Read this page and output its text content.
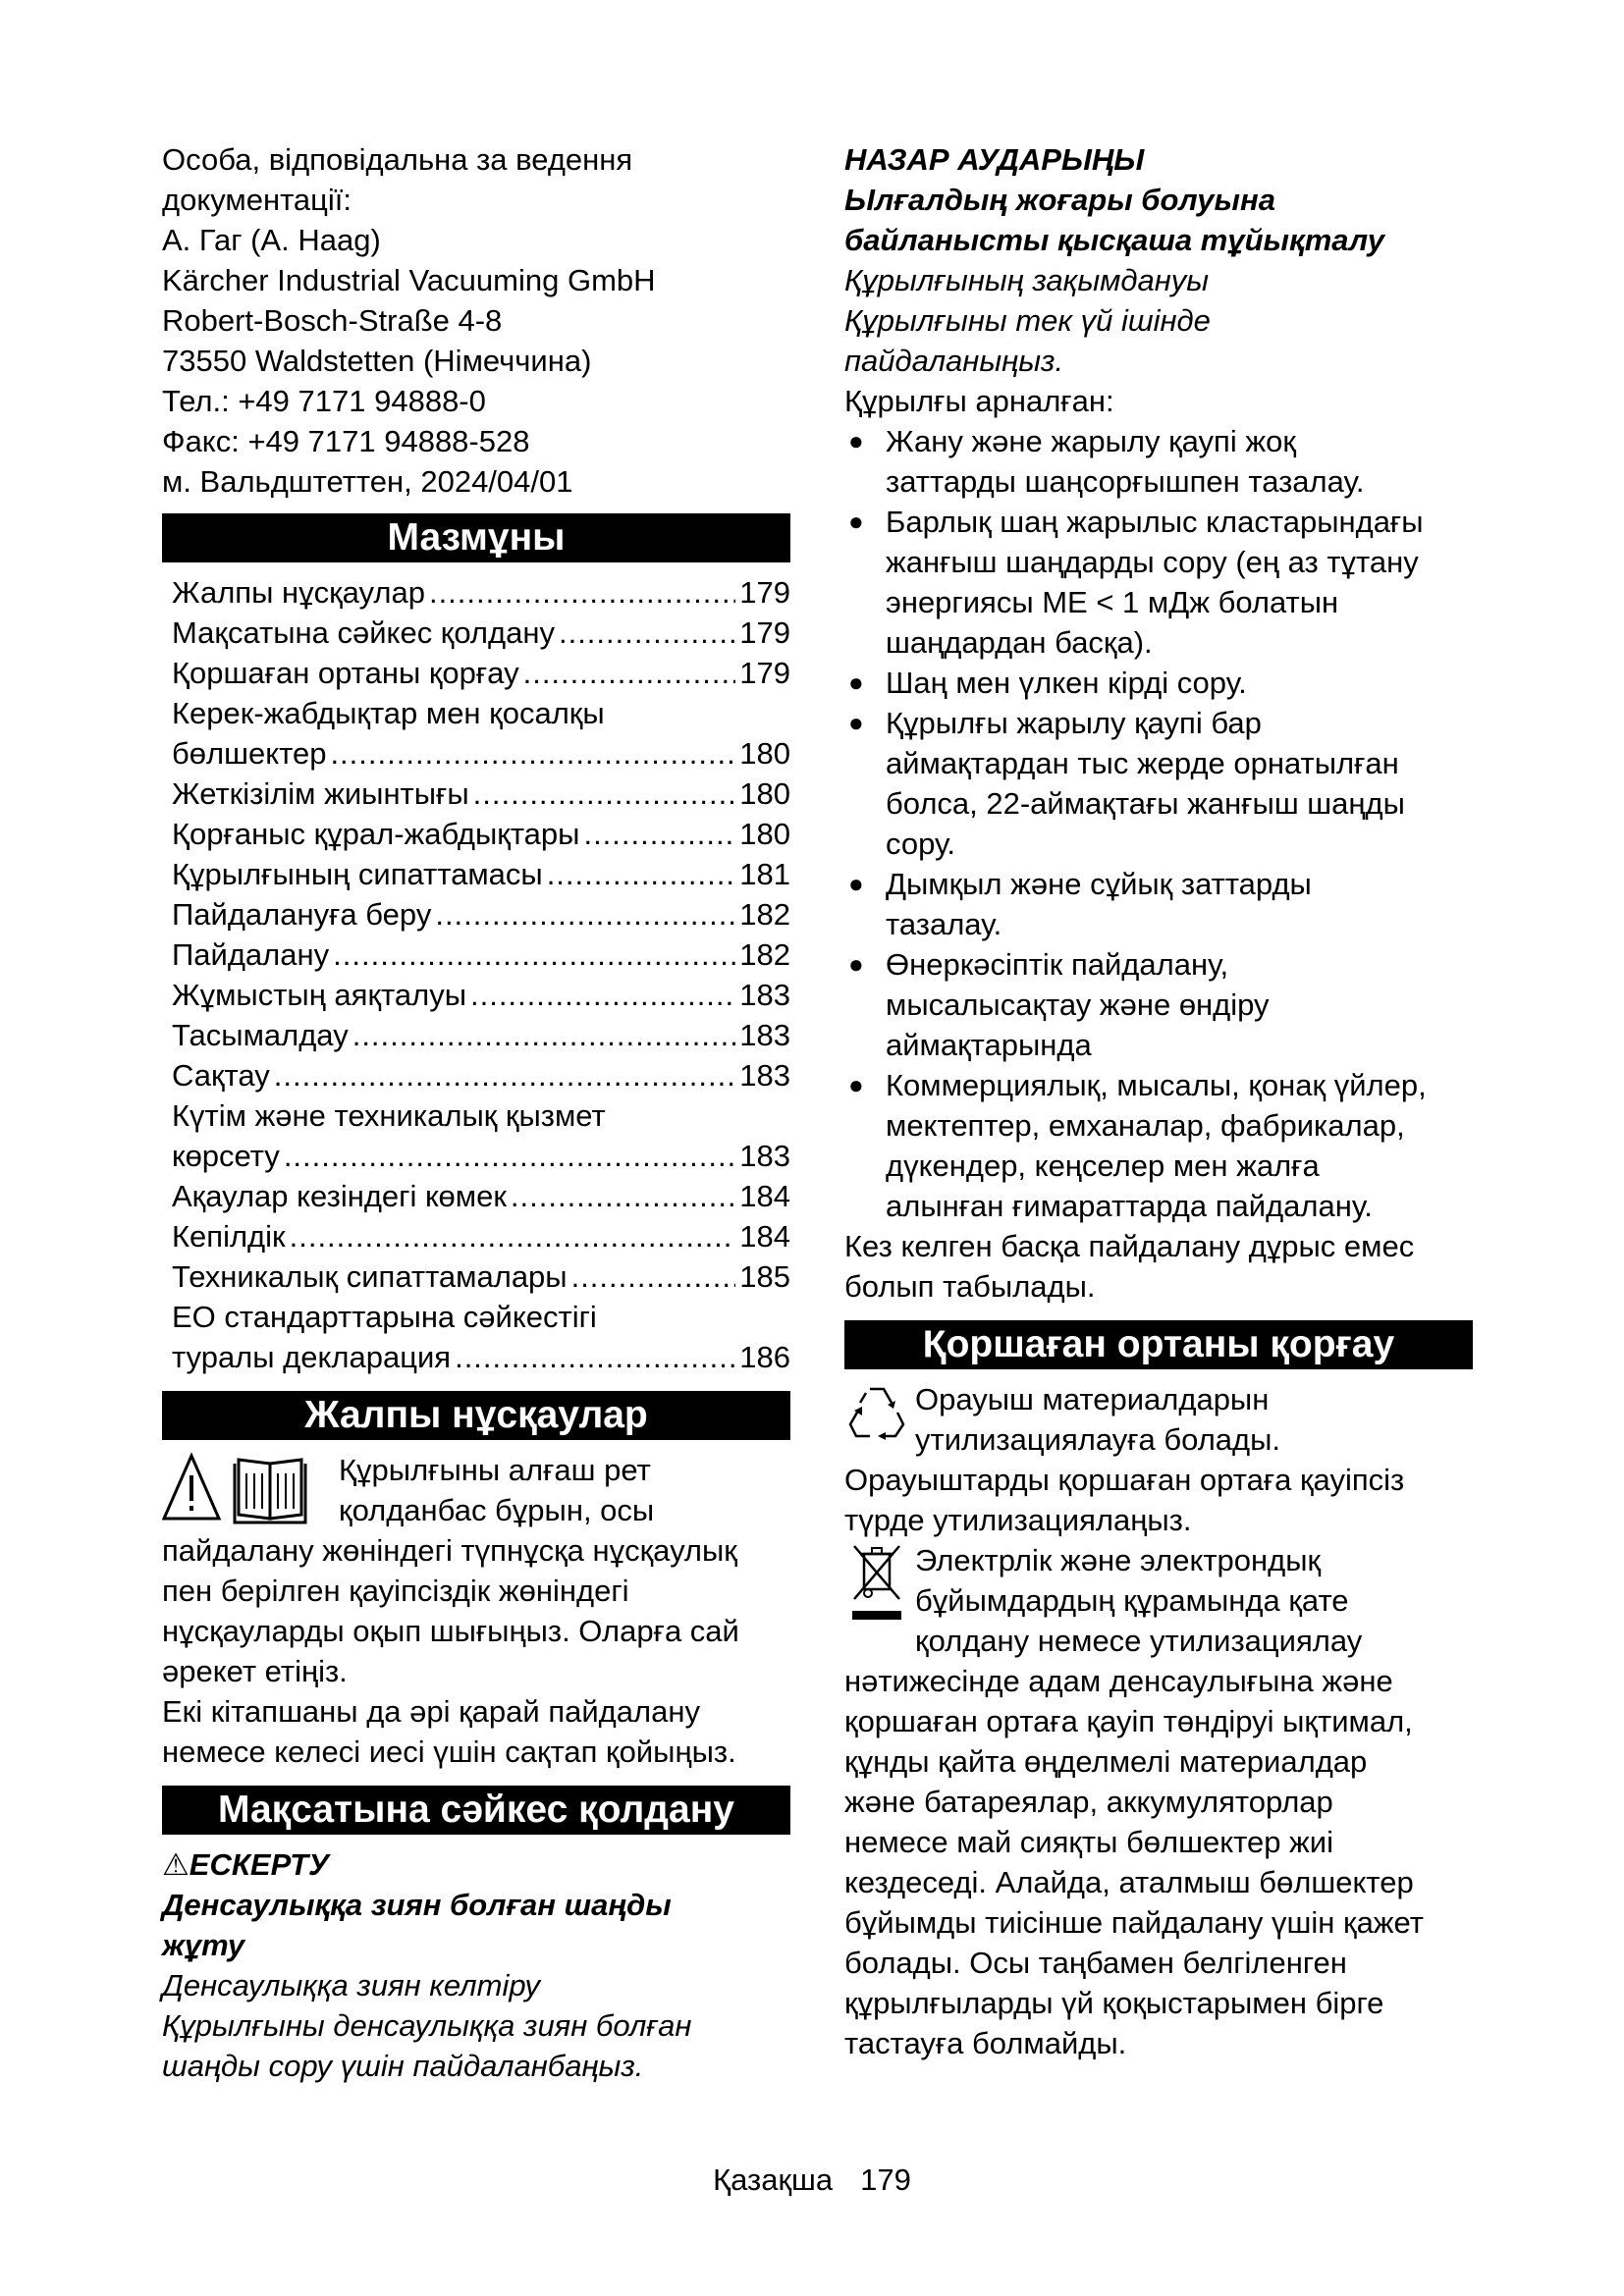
Особа, відповідальна за ведення
документації:
А. Гаг (А. Haag)
Kärcher Industrial Vacuuming GmbH
Robert-Bosch-Straße 4-8
73550 Waldstetten (Німеччина)
Тел.: +49 7171 94888-0
Факс: +49 7171 94888-528
м. Вальдштеттен, 2024/04/01
Мазмұны
Жалпы нұсқаулар .....	179
Мақсатына сәйкес қолдану .....	179
Қоршаған ортаны қорғау .....	179
Керек-жабдықтар мен қосалқы
бөлшектер .....	180
Жеткізілім жиынтығы .....	180
Қорғаныс құрал-жабдықтары .....	180
Құрылғының сипаттамасы .....	181
Пайдалануға беру .....	182
Пайдалану .....	182
Жұмыстың аяқталуы .....	183
Тасымалдау .....	183
Сақтау .....	183
Күтім және техникалық қызмет
көрсету .....	183
Ақаулар кезіндегі көмек .....	184
Кепілдік .....	184
Техникалық сипаттамалары .....	185
ЕО стандарттарына сәйкестігі
туралы декларация .....	186
Жалпы нұсқаулар
Құрылғыны алғаш рет
қолданбас бұрын, осы
пайдалану жөніндегі түпнұсқа нұсқаулық
пен берілген қауіпсіздік жөніндегі
нұсқауларды оқып шығыңыз. Оларға сай
әрекет етіңіз.
Екі кітапшаны да әрі қарай пайдалану
немесе келесі иесі үшін сақтап қойыңыз.
Мақсатына сәйкес қолдану
⚠ЕСКЕРТУ
Денсаулыққа зиян болған шаңды
жұту
Денсаулыққа зиян келтіру
Құрылғыны денсаулыққа зиян болған
шаңды сору үшін пайдаланбаңыз.
НАЗАР АУДАРЫҢЫ
Ылғалдың жоғары болуына
байланысты қысқаша тұйықталу
Құрылғының зақымдануы
Құрылғыны тек үй ішінде
пайдаланыңыз.
Құрылғы арналған:
● Жану және жарылу қаупі жоқ
заттарды шаңсорғышпен тазалау.
● Барлық шаң жарылыс кластарындағы
жанғыш шаңдарды сору (ең аз тұтану
энергиясы МЕ < 1 мДж болатын
шаңдардан басқа).
● Шаң мен үлкен кірді сору.
● Құрылғы жарылу қаупі бар
аймақтардан тыс жерде орнатылған
болса, 22-аймақтағы жанғыш шаңды
сору.
● Дымқыл және сұйық заттарды
тазалау.
● Өнеркәсіптік пайдалану,
мысалысақтау және өндіру
аймақтарында
● Коммерциялық, мысалы, қонақ үйлер,
мектептер, емханалар, фабрикалар,
дүкендер, кеңселер мен жалға
алынған ғимараттарда пайдалану.
Кез келген басқа пайдалану дұрыс емес
болып табылады.
Қоршаған ортаны қорғау
Орауыш материалдарын
утилизациялауға болады.
Орауыштарды қоршаған ортаға қауіпсіз
түрде утилизациялаңыз.
Электрлік және электрондық
бұйымдардың құрамында қате
қолдану немесе утилизациялау
нәтижесінде адам денсаулығына және
қоршаған ортаға қауіп төндіруі ықтимал,
құнды қайта өңделмелі материалдар
және батареялар, аккумуляторлар
немесе май сияқты бөлшектер жиі
кездеседі. Алайда, аталмыш бөлшектер
бұйымды тиісінше пайдалану үшін қажет
болады. Осы таңбамен белгіленген
құрылғыларды үй қоқыстарымен бірге
тастауға болмайды.
Қазақша 179
